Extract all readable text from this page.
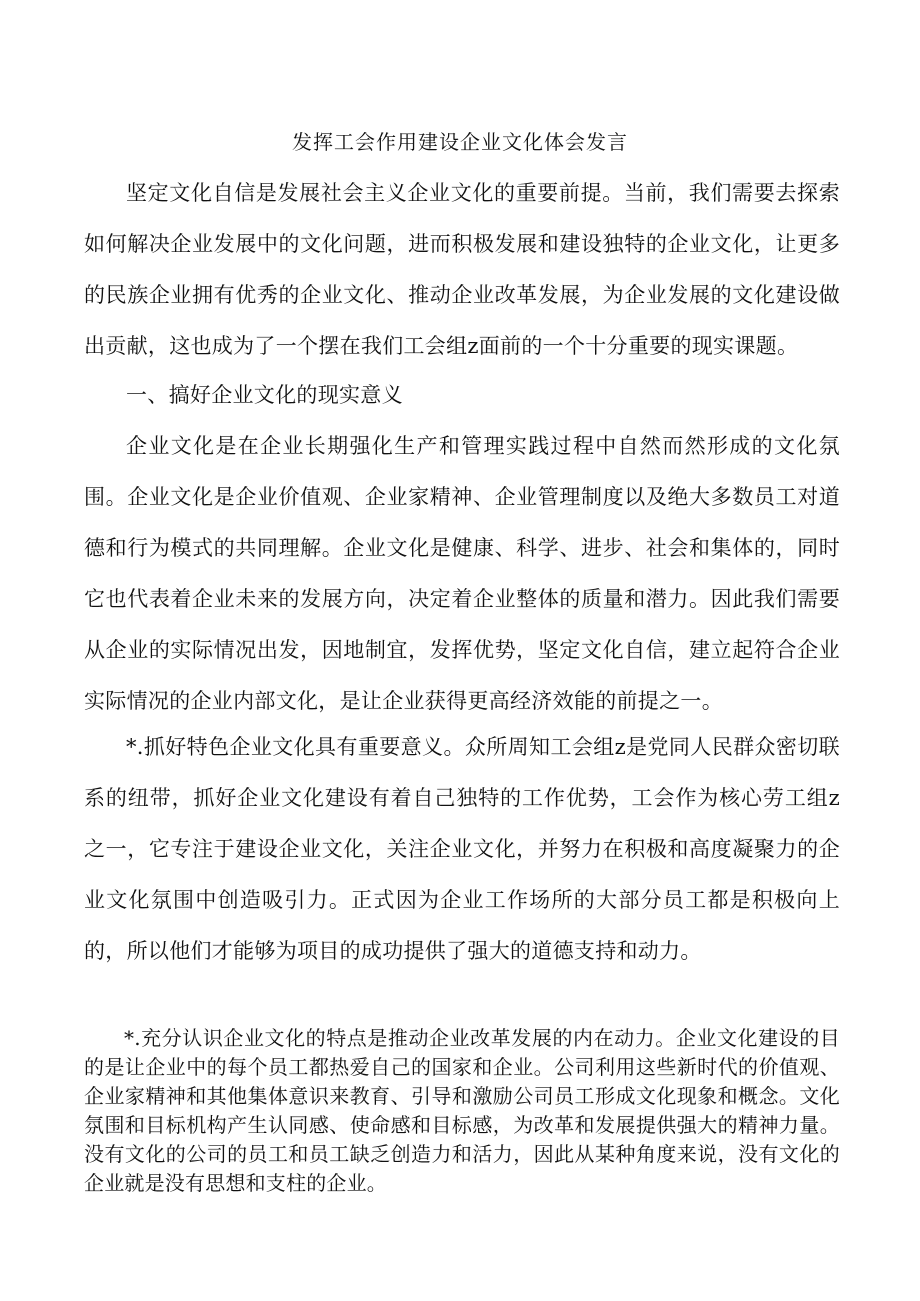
发挥工会作用建设企业文化体会发言

坚定文化自信是发展社会主义企业文化的重要前提。当前，我们需要去探索如何解决企业发展中的文化问题，进而积极发展和建设独特的企业文化，让更多的民族企业拥有优秀的企业文化、推动企业改革发展，为企业发展的文化建设做出贡献，这也成为了一个摆在我们工会组z面前的一个十分重要的现实课题。

一、搞好企业文化的现实意义

企业文化是在企业长期强化生产和管理实践过程中自然而然形成的文化氛围。企业文化是企业价值观、企业家精神、企业管理制度以及绝大多数员工对道德和行为模式的共同理解。企业文化是健康、科学、进步、社会和集体的，同时它也代表着企业未来的发展方向，决定着企业整体的质量和潜力。因此我们需要从企业的实际情况出发，因地制宜，发挥优势，坚定文化自信，建立起符合企业实际情况的企业内部文化，是让企业获得更高经济效能的前提之一。

*.抓好特色企业文化具有重要意义。众所周知工会组z是党同人民群众密切联系的纽带，抓好企业文化建设有着自己独特的工作优势，工会作为核心劳工组z之一，它专注于建设企业文化，关注企业文化，并努力在积极和高度凝聚力的企业文化氛围中创造吸引力。正式因为企业工作场所的大部分员工都是积极向上的，所以他们才能够为项目的成功提供了强大的道德支持和动力。

*.充分认识企业文化的特点是推动企业改革发展的内在动力。企业文化建设的目的是让企业中的每个员工都热爱自己的国家和企业。公司利用这些新时代的价值观、企业家精神和其他集体意识来教育、引导和激励公司员工形成文化现象和概念。文化氛围和目标机构产生认同感、使命感和目标感，为改革和发展提供强大的精神力量。没有文化的公司的员工和员工缺乏创造力和活力，因此从某种角度来说，没有文化的企业就是没有思想和支柱的企业。
